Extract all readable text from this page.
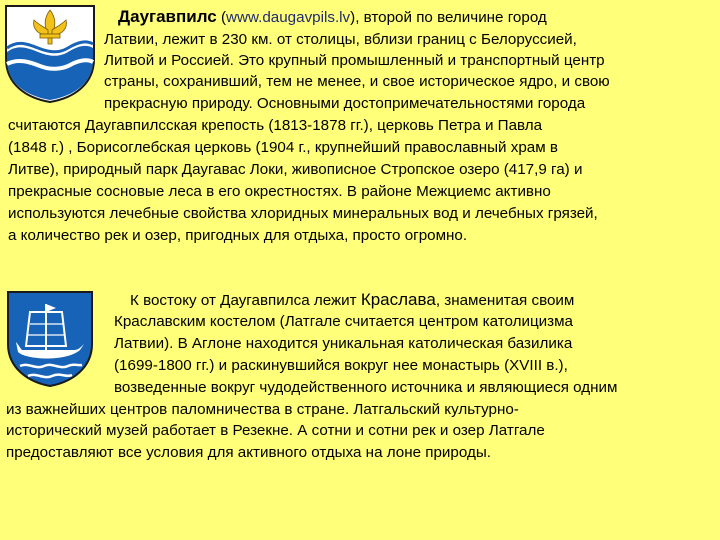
Даугавпилс (www.daugavpils.lv), второй по величине город
Латвии, лежит в 230 км. от столицы, вблизи границ с Белоруссией,
Литвой и Россией. Это крупный промышленный и транспортный центр
страны, сохранивший, тем не менее, и свое историческое ядро, и свою
прекрасную природу. Основными достопримечательностями города
считаются Даугавпилсская крепость (1813-1878 гг.), церковь Петра и Павла
(1848 г.) , Борисоглебская церковь (1904 г., крупнейший православный храм в
Литве), природный парк Даугавас Локи, живописное Стропское озеро (417,9 га) и
прекрасные сосновые леса в его окрестностях. В районе Межциемс активно
используются лечебные свойства хлоридных минеральных вод и лечебных грязей,
а количество рек и озер, пригодных для отдыха, просто огромно.
К востоку от Даугавпилса лежит Краслава, знаменитая своим
Краславским костелом (Латгале считается центром католицизма
Латвии). В Аглоне находится уникальная католическая базилика
(1699-1800 гг.) и раскинувшийся вокруг нее монастырь (XVIII в.),
возведенные вокруг чудодейственного источника и являющиеся одним
из важнейших центров паломничества в стране. Латгальский культурно-
исторический музей работает в Резекне. А сотни и сотни рек и озер Латгале
предоставляют все условия для активного отдыха на лоне природы.
